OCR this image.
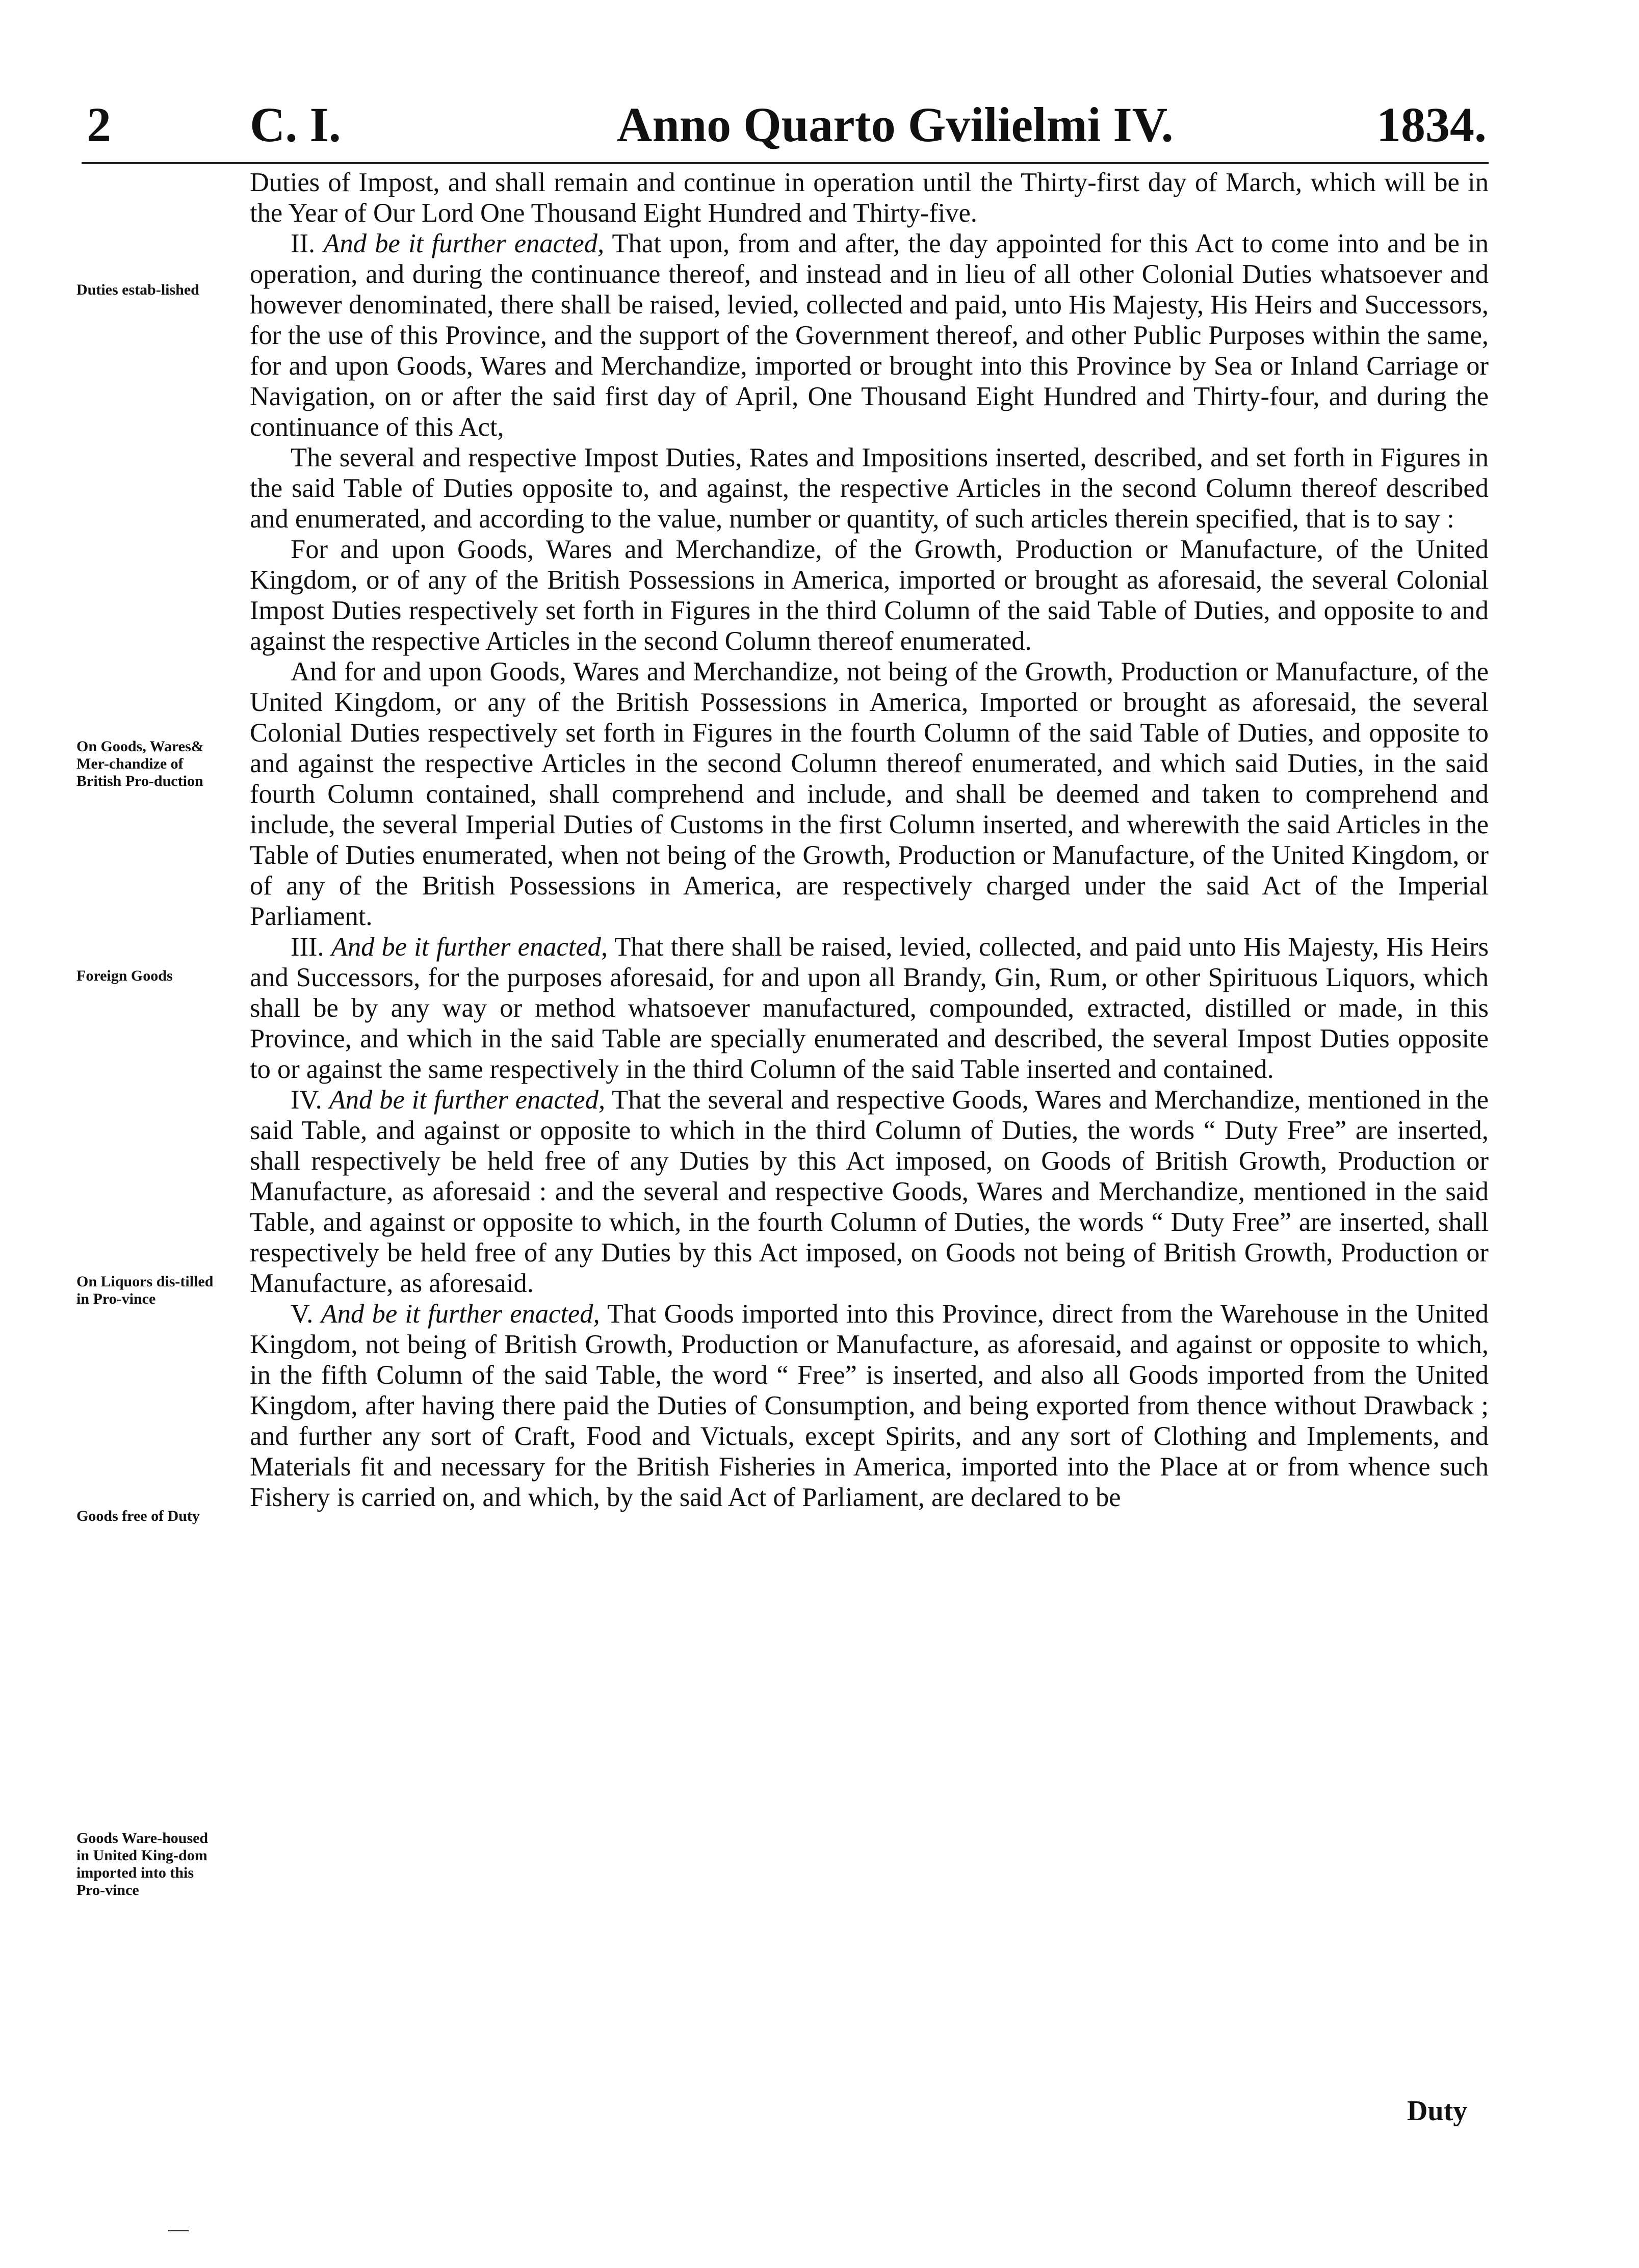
2	C. I.	Anno Quarto Gvilielmi IV.	1834.
Duties estab-lished
On Goods, Wares& Mer-chandize of British Pro-duction
Foreign Goods
On Liquors dis-tilled in Pro-vince
Goods free of Duty
Goods Ware-housed in United King-dom imported into this Pro-vince

Duties of Impost, and shall remain and continue in operation until the Thirty-first day of March, which will be in the Year of Our Lord One Thousand Eight Hundred and Thirty-five.

II. And be it further enacted, That upon, from and after, the day appointed for this Act to come into and be in operation, and during the continuance thereof, and instead and in lieu of all other Colonial Duties whatsoever and however denominated, there shall be raised, levied, collected and paid, unto His Majesty, His Heirs and Successors, for the use of this Province, and the support of the Government thereof, and other Public Purposes within the same, for and upon Goods, Wares and Merchandize, imported or brought into this Province by Sea or Inland Carriage or Navigation, on or after the said first day of April, One Thousand Eight Hundred and Thirty-four, and during the continuance of this Act,

The several and respective Impost Duties, Rates and Impositions inserted, described, and set forth in Figures in the said Table of Duties opposite to, and against, the respective Articles in the second Column thereof described and enumerated, and according to the value, number or quantity, of such articles therein specified, that is to say :

For and upon Goods, Wares and Merchandize, of the Growth, Production or Manufacture, of the United Kingdom, or of any of the British Possessions in America, imported or brought as aforesaid, the several Colonial Impost Duties respectively set forth in Figures in the third Column of the said Table of Duties, and opposite to and against the respective Articles in the second Column thereof enumerated.

And for and upon Goods, Wares and Merchandize, not being of the Growth, Production or Manufacture, of the United Kingdom, or any of the British Possessions in America, Imported or brought as aforesaid, the several Colonial Duties respectively set forth in Figures in the fourth Column of the said Table of Duties, and opposite to and against the respective Articles in the second Column thereof enumerated, and which said Duties, in the said fourth Column contained, shall comprehend and include, and shall be deemed and taken to comprehend and include, the several Imperial Duties of Customs in the first Column inserted, and wherewith the said Articles in the Table of Duties enumerated, when not being of the Growth, Production or Manufacture, of the United Kingdom, or of any of the British Possessions in America, are respectively charged under the said Act of the Imperial Parliament.

III. And be it further enacted, That there shall be raised, levied, collected, and paid unto His Majesty, His Heirs and Successors, for the purposes aforesaid, for and upon all Brandy, Gin, Rum, or other Spirituous Liquors, which shall be by any way or method whatsoever manufactured, compounded, extracted, distilled or made, in this Province, and which in the said Table are specially enumerated and described, the several Impost Duties opposite to or against the same respectively in the third Column of the said Table inserted and contained.

IV. And be it further enacted, That the several and respective Goods, Wares and Merchandize, mentioned in the said Table, and against or opposite to which in the third Column of Duties, the words “ Duty Free” are inserted, shall respectively be held free of any Duties by this Act imposed, on Goods of British Growth, Production or Manufacture, as aforesaid : and the several and respective Goods, Wares and Merchandize, mentioned in the said Table, and against or opposite to which, in the fourth Column of Duties, the words “ Duty Free” are inserted, shall respectively be held free of any Duties by this Act imposed, on Goods not being of British Growth, Production or Manufacture, as aforesaid.

V. And be it further enacted, That Goods imported into this Province, direct from the Warehouse in the United Kingdom, not being of British Growth, Production or Manufacture, as aforesaid, and against or opposite to which, in the fifth Column of the said Table, the word “ Free” is inserted, and also all Goods imported from the United Kingdom, after having there paid the Duties of Consumption, and being exported from thence without Drawback ; and further any sort of Craft, Food and Victuals, except Spirits, and any sort of Clothing and Implements, and Materials fit and necessary for the British Fisheries in America, imported into the Place at or from whence such Fishery is carried on, and which, by the said Act of Parliament, are declared to be

Duty
